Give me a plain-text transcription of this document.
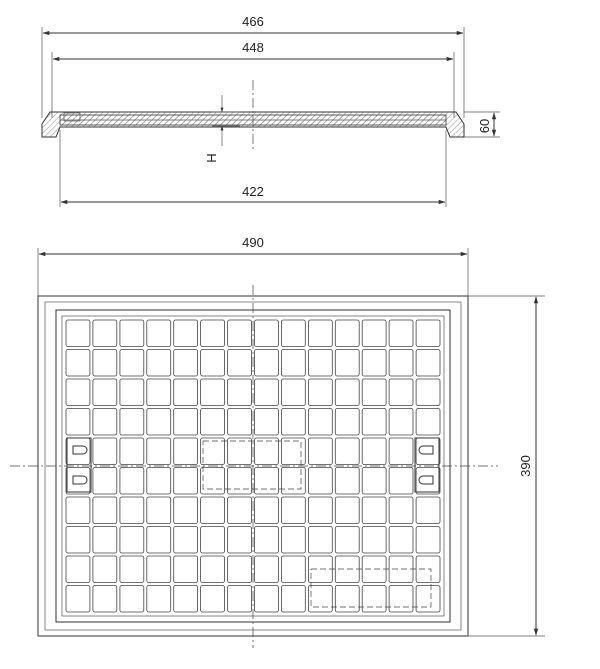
466
448
H
60
422
490
390
